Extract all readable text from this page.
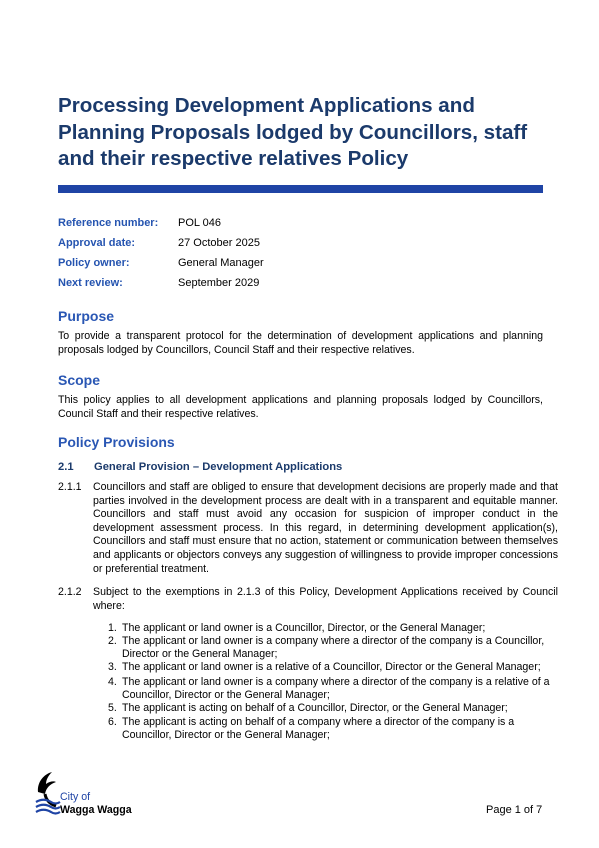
Processing Development Applications and Planning Proposals lodged by Councillors, staff and their respective relatives Policy
Reference number:	POL 046
Approval date:	27 October 2025
Policy owner:	General Manager
Next review:	September 2029
Purpose

To provide a transparent protocol for the determination of development applications and planning proposals lodged by Councillors, Council Staff and their respective relatives.

Scope

This policy applies to all development applications and planning proposals lodged by Councillors, Council Staff and their respective relatives.

Policy Provisions
2.1 General Provision – Development Applications
2.1.1 Councillors and staff are obliged to ensure that development decisions are properly made and that parties involved in the development process are dealt with in a transparent and equitable manner. Councillors and staff must avoid any occasion for suspicion of improper conduct in the development assessment process. In this regard, in determining development application(s), Councillors and staff must ensure that no action, statement or communication between themselves and applicants or objectors conveys any suggestion of willingness to provide improper concessions or preferential treatment.

2.1.2 Subject to the exemptions in 2.1.3 of this Policy, Development Applications received by Council where:

1. The applicant or land owner is a Councillor, Director, or the General Manager;
2. The applicant or land owner is a company where a director of the company is a Councillor, Director or the General Manager;
3. The applicant or land owner is a relative of a Councillor, Director or the General Manager;
4. The applicant or land owner is a company where a director of the company is a relative of a Councillor, Director or the General Manager;
5. The applicant is acting on behalf of a Councillor, Director, or the General Manager;
6. The applicant is acting on behalf of a company where a director of the company is a Councillor, Director or the General Manager;
City of
Wagga Wagga	Page 1 of 7
